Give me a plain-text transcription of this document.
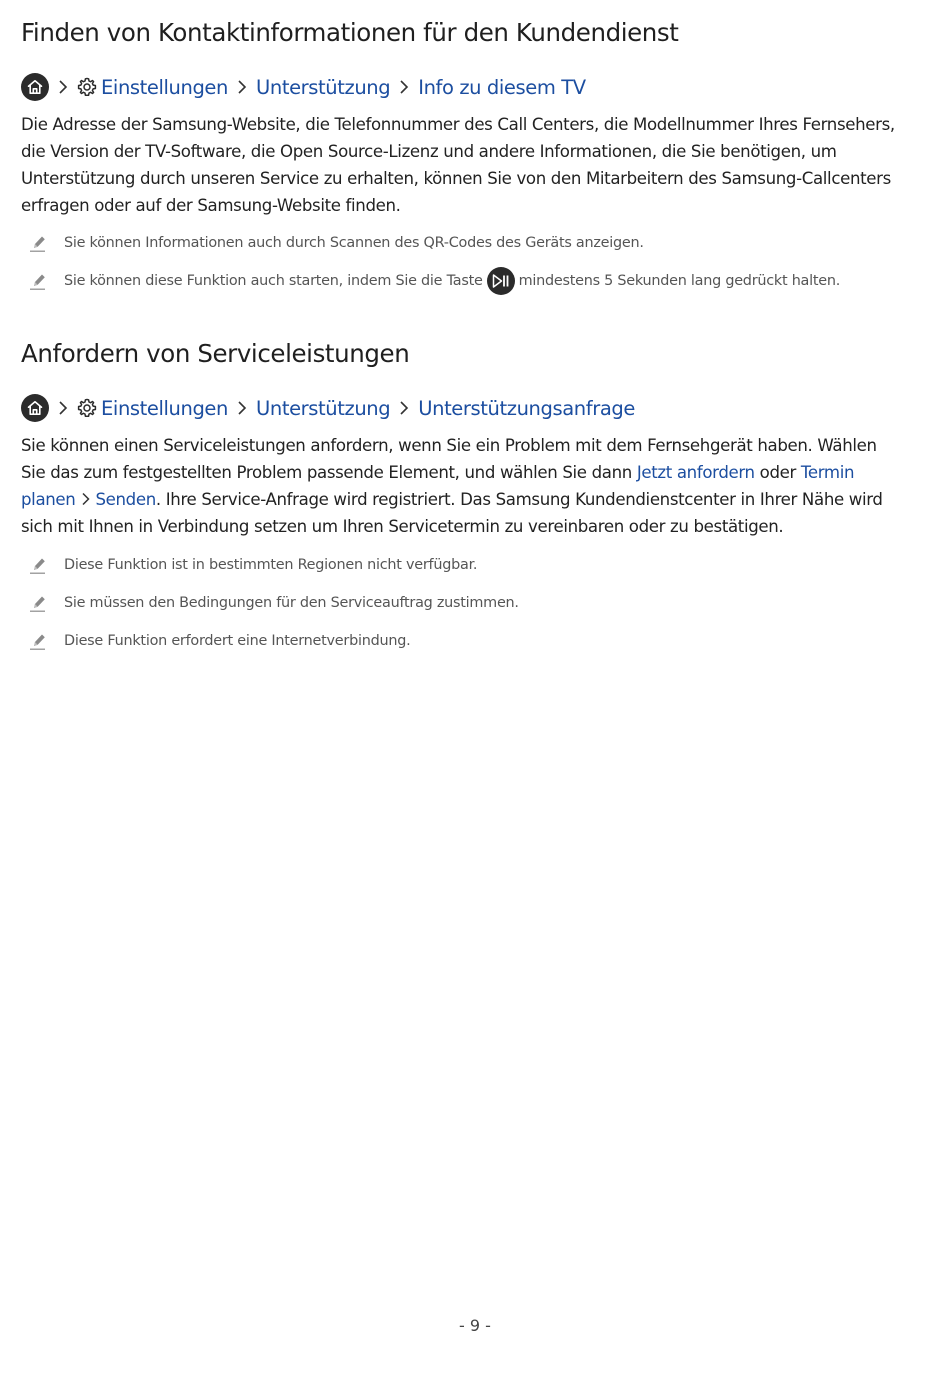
Finden von Kontaktinformationen für den Kundendienst
Einstellungen Unterstützung Info zu diesem TV

Die Adresse der Samsung-Website, die Telefonnummer des Call Centers, die Modellnummer Ihres Fernsehers, die Version der TV-Software, die Open Source-Lizenz und andere Informationen, die Sie benötigen, um Unterstützung durch unseren Service zu erhalten, können Sie von den Mitarbeitern des Samsung-Callcenters erfragen oder auf der Samsung-Website finden.

Sie können Informationen auch durch Scannen des QR-Codes des Geräts anzeigen.
Sie können diese Funktion auch starten, indem Sie die Taste	mindestens 5 Sekunden lang gedrückt halten.
Anfordern von Serviceleistungen
Einstellungen Unterstützung Unterstützungsanfrage

Sie können einen Serviceleistungen anfordern, wenn Sie ein Problem mit dem Fernsehgerät haben. Wählen Sie das zum festgestellten Problem passende Element, und wählen Sie dann Jetzt anfordern oder Termin planen Senden. Ihre Service-Anfrage wird registriert. Das Samsung Kundendienstcenter in Ihrer Nähe wird sich mit Ihnen in Verbindung setzen um Ihren Servicetermin zu vereinbaren oder zu bestätigen.

Diese Funktion ist in bestimmten Regionen nicht verfügbar.
Sie müssen den Bedingungen für den Serviceauftrag zustimmen.
Diese Funktion erfordert eine Internetverbindung.
- 9 -
